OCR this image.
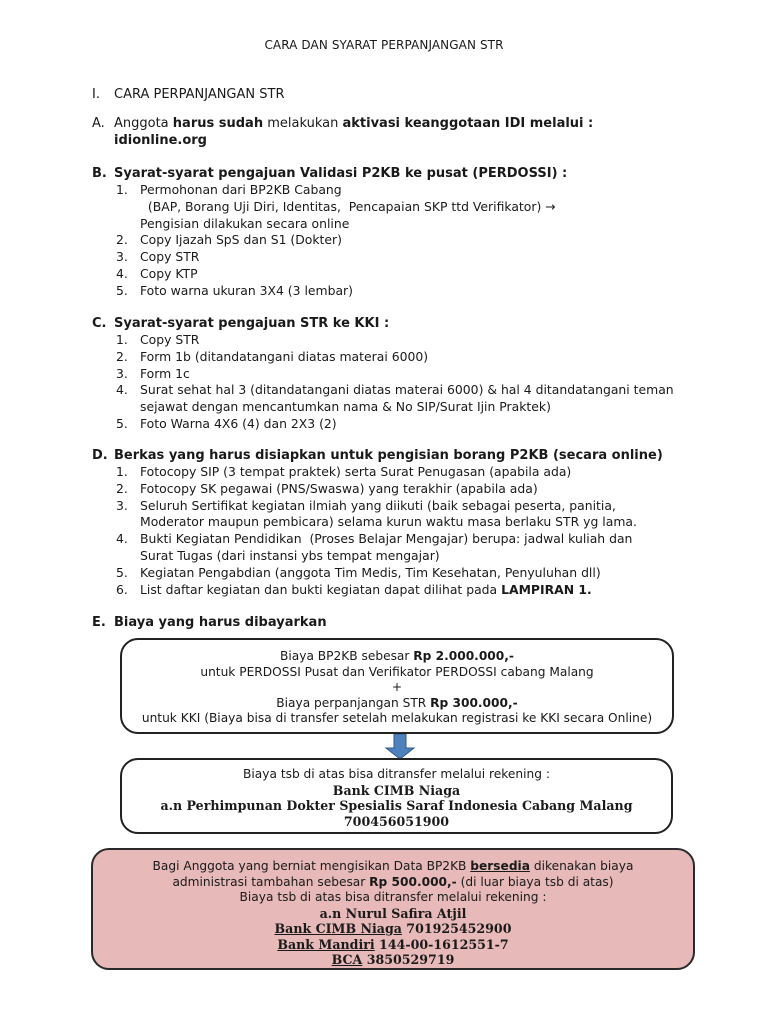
CARA DAN SYARAT PERPANJANGAN STR
I.	CARA PERPANJANGAN STR
A. Anggota harus sudah melakukan aktivasi keanggotaan IDI melalui :
idionline.org
B. Syarat-syarat pengajuan Validasi P2KB ke pusat (PERDOSSI) :
1. Permohonan dari BP2KB Cabang
(BAP, Borang Uji Diri, Identitas,  Pencapaian SKP ttd Verifikator) →
Pengisian dilakukan secara online
2. Copy Ijazah SpS dan S1 (Dokter)
3. Copy STR
4. Copy KTP
5. Foto warna ukuran 3X4 (3 lembar)
C. Syarat-syarat pengajuan STR ke KKI :
1. Copy STR
2. Form 1b (ditandatangani diatas materai 6000)
3. Form 1c
4. Surat sehat hal 3 (ditandatangani diatas materai 6000) & hal 4 ditandatangani teman
sejawat dengan mencantumkan nama & No SIP/Surat Ijin Praktek)
5. Foto Warna 4X6 (4) dan 2X3 (2)
D. Berkas yang harus disiapkan untuk pengisian borang P2KB (secara online)
1. Fotocopy SIP (3 tempat praktek) serta Surat Penugasan (apabila ada)
2. Fotocopy SK pegawai (PNS/Swaswa) yang terakhir (apabila ada)
3. Seluruh Sertifikat kegiatan ilmiah yang diikuti (baik sebagai peserta, panitia,
Moderator maupun pembicara) selama kurun waktu masa berlaku STR yg lama.
4. Bukti Kegiatan Pendidikan  (Proses Belajar Mengajar) berupa: jadwal kuliah dan
Surat Tugas (dari instansi ybs tempat mengajar)
5. Kegiatan Pengabdian (anggota Tim Medis, Tim Kesehatan, Penyuluhan dll)
6. List daftar kegiatan dan bukti kegiatan dapat dilihat pada LAMPIRAN 1.
E. Biaya yang harus dibayarkan
Biaya BP2KB sebesar Rp 2.000.000,-
untuk PERDOSSI Pusat dan Verifikator PERDOSSI cabang Malang
+
Biaya perpanjangan STR Rp 300.000,-
untuk KKI (Biaya bisa di transfer setelah melakukan registrasi ke KKI secara Online)
Biaya tsb di atas bisa ditransfer melalui rekening :
Bank CIMB Niaga
a.n Perhimpunan Dokter Spesialis Saraf Indonesia Cabang Malang
700456051900
Bagi Anggota yang berniat mengisikan Data BP2KB bersedia dikenakan biaya
administrasi tambahan sebesar Rp 500.000,- (di luar biaya tsb di atas)
Biaya tsb di atas bisa ditransfer melalui rekening :
a.n Nurul Safira Atjil
Bank CIMB Niaga 701925452900
Bank Mandiri 144-00-1612551-7
BCA 3850529719
